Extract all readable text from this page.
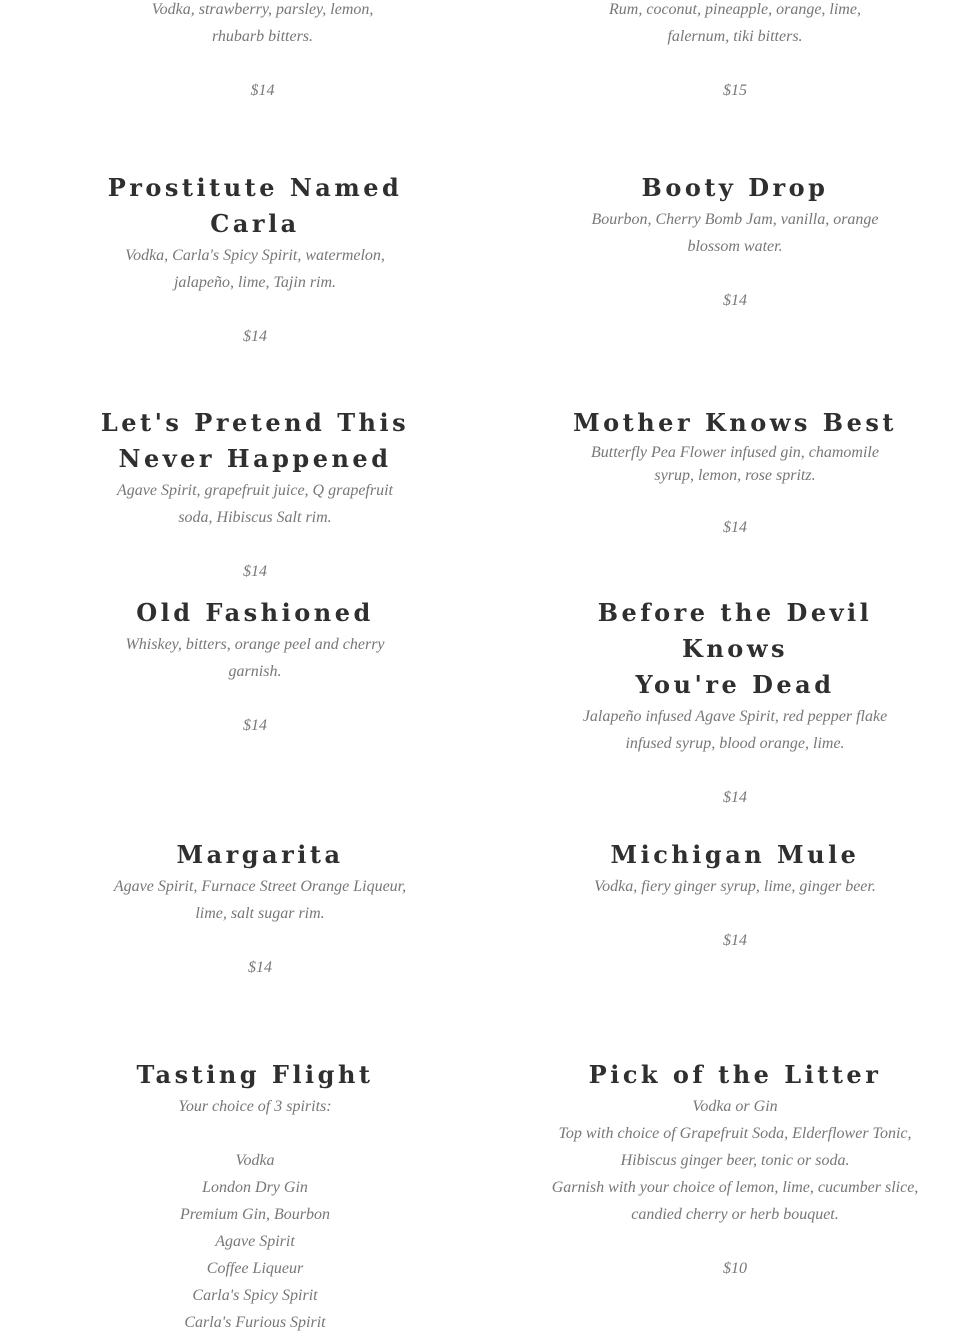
Vodka, strawberry, parsley, lemon,
rhubarb bitters.
$14
Rum, coconut, pineapple, orange, lime,
falernum, tiki bitters.
$15
Prostitute Named
Carla
Vodka, Carla's Spicy Spirit, watermelon,
jalapeño, lime, Tajin rim.
$14
Booty Drop
Bourbon, Cherry Bomb Jam, vanilla, orange
blossom water.
$14
Let's Pretend This
Never Happened
Agave Spirit, grapefruit juice, Q grapefruit
soda, Hibiscus Salt rim.
$14
Mother Knows Best
Butterfly Pea Flower infused gin, chamomile
syrup, lemon, rose spritz.
$14
Old Fashioned
Whiskey, bitters, orange peel and cherry
garnish.
$14
Before the Devil Knows
You're Dead
Jalapeño infused Agave Spirit, red pepper flake
infused syrup, blood orange, lime.
$14
Margarita
Agave Spirit, Furnace Street Orange Liqueur,
lime, salt sugar rim.
$14
Michigan Mule
Vodka, fiery ginger syrup, lime, ginger beer.
$14
Tasting Flight
Your choice of 3 spirits:
Vodka
London Dry Gin
Premium Gin, Bourbon
Agave Spirit
Coffee Liqueur
Carla's Spicy Spirit
Carla's Furious Spirit
Pick of the Litter
Vodka or Gin
Top with choice of Grapefruit Soda, Elderflower Tonic,
Hibiscus ginger beer, tonic or soda.
Garnish with your choice of lemon, lime, cucumber slice,
candied cherry or herb bouquet.
$10
